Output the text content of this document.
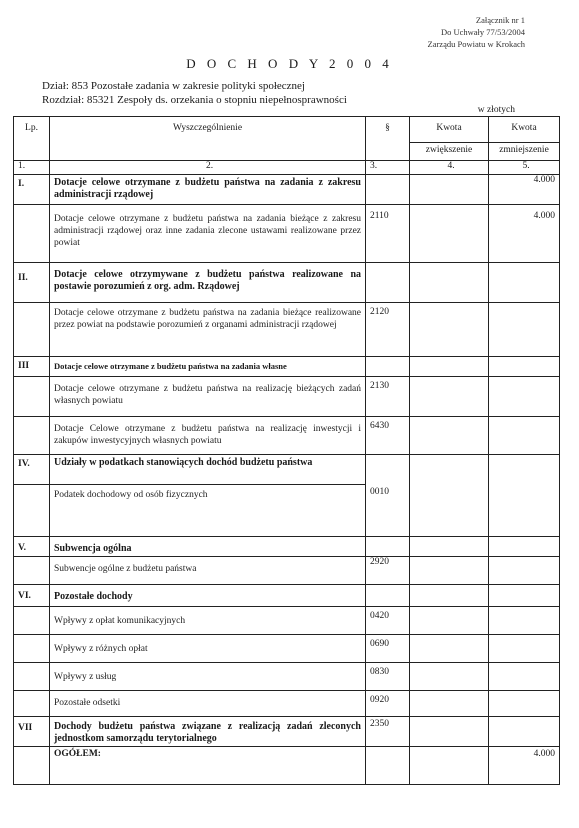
Załącznik nr 1
Do Uchwały 77/53/2004
Zarządu Powiatu w Krokach
D O C H O D Y 2 0 0 4
Dział: 853 Pozostałe zadania w zakresie polityki społecznej
Rozdział: 85321 Zespoły ds. orzekania o stopniu niepełnosprawności
w złotych
Lp.	Wyszczególnienie	§	Kwota	Kwota
			zwiększenie	zmniejszenie
1.	2.	3.	4.	5.
I.	Dotacje celowe otrzymane z budżetu państwa na zadania z zakresu administracji rządowej			4.000

	Dotacje celowe otrzymane z budżetu państwa na zadania bieżące z zakresu administracji rządowej oraz inne zadania zlecone ustawami realizowane przez powiat	2110		4.000
II.	Dotacje celowe otrzymywane z budżetu państwa realizowane na postawie porozumień z org. adm. Rządowej			

	Dotacje celowe otrzymane z budżetu państwa na zadania bieżące realizowane przez powiat na podstawie porozumień z organami administracji rządowej	2120		
III	Dotacje celowe otrzymane z budżetu państwa na zadania własne			

	Dotacje celowe otrzymane z budżetu państwa na realizację bieżących zadań własnych powiatu	2130		

	Dotacje Celowe otrzymane z budżetu państwa na realizację inwestycji i zakupów inwestycyjnych własnych powiatu	6430		
IV.	Udziały w podatkach stanowiących dochód budżetu państwa	0010		

	Podatek dochodowy od osób fizycznych			

V.	Subwencja ogólna			

	Subwencje ogólne z budżetu państwa	2920		
VI.	Pozostałe dochody			

	Wpływy z opłat komunikacyjnych	0420		

	Wpływy z różnych opłat	0690		

	Wpływy z usług	0830		

	Pozostałe odsetki	0920		
VII	Dochody budżetu państwa związane z realizacją zadań zleconych jednostkom samorządu terytorialnego	2350		
	OGÓŁEM:			4.000
